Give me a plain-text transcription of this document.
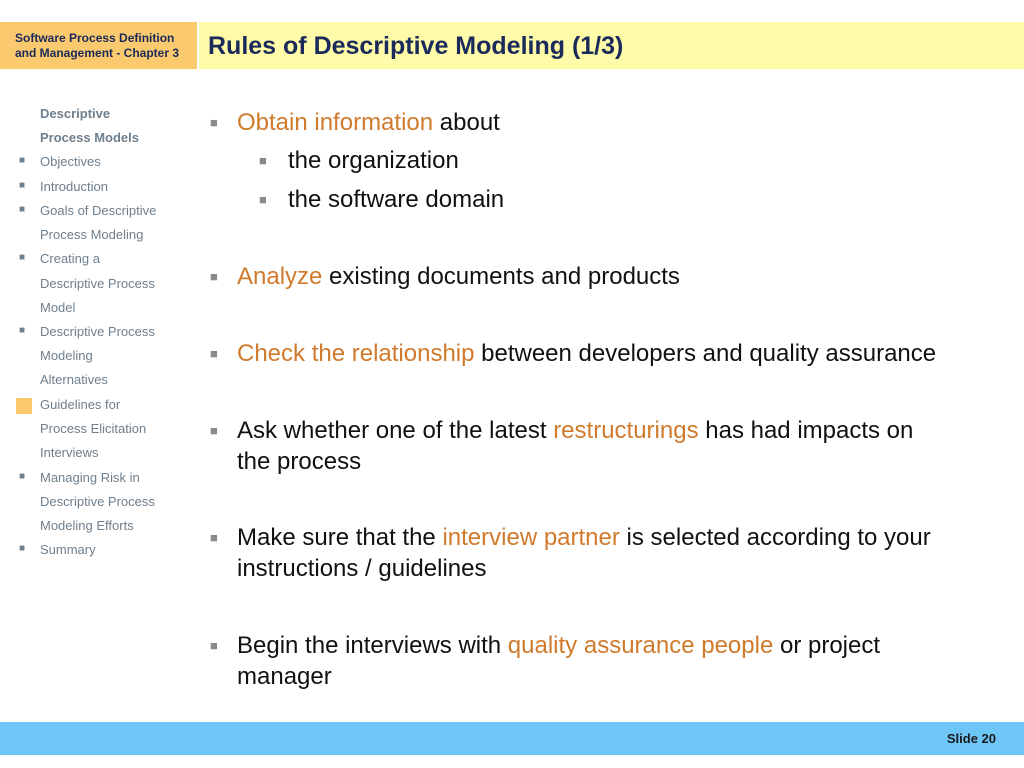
Software Process Definition
and Management - Chapter 3	Rules of Descriptive Modeling (1/3)
Descriptive
Process Models
■ Objectives
■ Introduction
■ Goals of Descriptive
Process Modeling
■ Creating a
Descriptive Process
Model
■ Descriptive Process
Modeling
Alternatives
Guidelines for
Process Elicitation
Interviews
■ Managing Risk in
Descriptive Process
Modeling Efforts
■ Summary
■ Obtain information about
■ the organization
■ the software domain
■ Analyze existing documents and products
■ Check the relationship between developers and quality assurance
■ Ask whether one of the latest restructurings has had impacts on
the process
■ Make sure that the interview partner is selected according to your
instructions / guidelines
■ Begin the interviews with quality assurance people or project
manager
Slide 20
